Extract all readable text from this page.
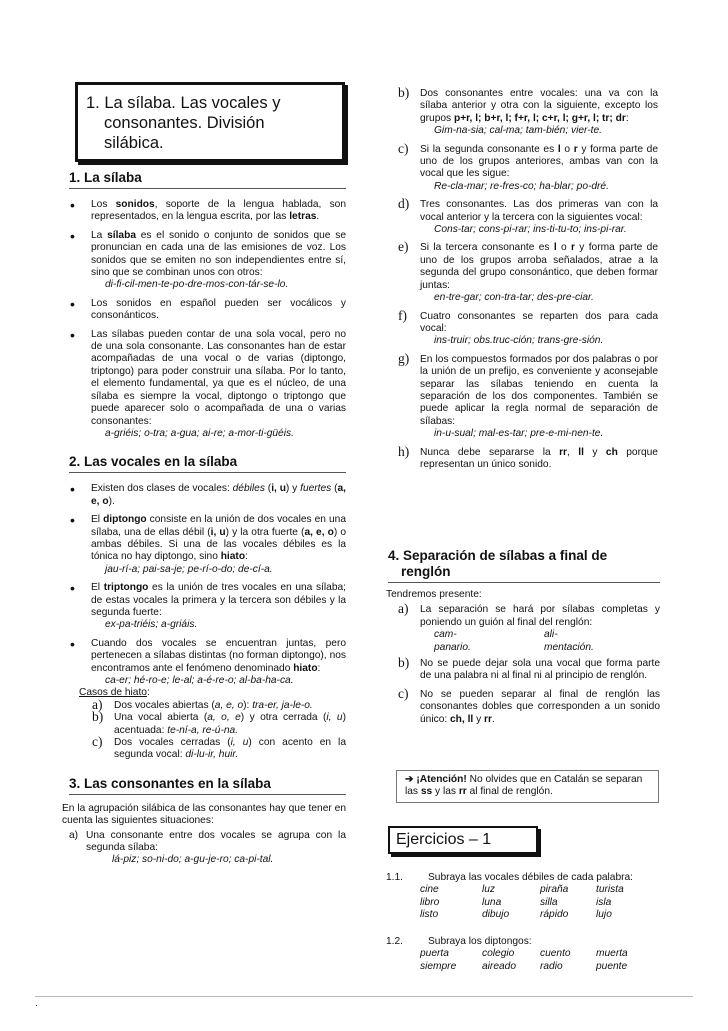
1. La sílaba. Las vocales y
consonantes. División
silábica.
1. La sílaba

• Los sonidos, soporte de la lengua hablada, son representados, en la lengua escrita, por las letras.

• La sílaba es el sonido o conjunto de sonidos que se pronuncian en cada una de las emisiones de voz. Los sonidos que se emiten no son independientes entre sí, sino que se combinan unos con otros:

di-fi-cil-men-te-po-dre-mos-con-tár-se-lo.

• Los sonidos en español pueden ser vocálicos y consonánticos.

• Las sílabas pueden contar de una sola vocal, pero no de una sola consonante. Las consonantes han de estar acompañadas de una vocal o de varias (diptongo, triptongo) para poder construir una sílaba. Por lo tanto, el elemento fundamental, ya que es el núcleo, de una sílaba es siempre la vocal, diptongo o triptongo que puede aparecer solo o acompañada de una o varias consonantes:

a-griéis; o-tra; a-gua; ai-re; a-mor-ti-güéis.
2. Las vocales en la sílaba

• Existen dos clases de vocales: débiles (i, u) y fuertes (a, e, o).

• El diptongo consiste en la unión de dos vocales en una sílaba, una de ellas débil (i, u) y la otra fuerte (a, e, o) o ambas débiles. Si una de las vocales débiles es la tónica no hay diptongo, sino hiato:

jau-rí-a; pai-sa-je; pe-rí-o-do; de-cí-a.

• El triptongo es la unión de tres vocales en una sílaba; de estas vocales la primera y la tercera son débiles y la segunda fuerte:

ex-pa-triéis; a-griáis.

• Cuando dos vocales se encuentran juntas, pero pertenecen a sílabas distintas (no forman diptongo), nos encontramos ante el fenómeno denominado hiato:

ca-er; hé-ro-e; le-al; a-é-re-o; al-ba-ha-ca.
Casos de hiato:

a) Dos vocales abiertas (a, e, o): tra-er, ja-le-o.

b) Una vocal abierta (a, o, e) y otra cerrada (i, u) acentuada: te-ní-a, re-ú-na.

c) Dos vocales cerradas (i, u) con acento en la segunda vocal: di-lu-ir, huir.

3. Las consonantes en la sílaba

En la agrupación silábica de las consonantes hay que tener en cuenta las siguientes situaciones:

a) Una consonante entre dos vocales se agrupa con la segunda sílaba:

lá-piz; so-ni-do; a-gu-je-ro; ca-pi-tal.

b) Dos consonantes entre vocales: una va con la sílaba anterior y otra con la siguiente, excepto los grupos p+r, l; b+r, l; f+r, l; c+r, l; g+r, l; tr; dr:

Gim-na-sia; cal-ma; tam-bién; vier-te.

c) Si la segunda consonante es l o r y forma parte de uno de los grupos anteriores, ambas van con la vocal que les sigue:

Re-cla-mar; re-fres-co; ha-blar; po-dré.

d) Tres consonantes. Las dos primeras van con la vocal anterior y la tercera con la siguientes vocal:

Cons-tar; cons-pi-rar; ins-ti-tu-to; ins-pi-rar.

e) Si la tercera consonante es l o r y forma parte de uno de los grupos arroba señalados, atrae a la segunda del grupo consonántico, que deben formar juntas:

en-tre-gar; con-tra-tar; des-pre-ciar.

f) Cuatro consonantes se reparten dos para cada vocal:

ins-truir; obs.truc-ción; trans-gre-sión.

g) En los compuestos formados por dos palabras o por la unión de un prefijo, es conveniente y aconsejable separar las sílabas teniendo en cuenta la separación de los dos componentes. También se puede aplicar la regla normal de separación de sílabas:

in-u-sual; mal-es-tar; pre-e-mi-nen-te.

h) Nunca debe separarse la rr, ll y ch porque representan un único sonido.

4. Separación de sílabas a final de
renglón
Tendremos presente:

a) La separación se hará por sílabas completas y poniendo un guión al final del renglón:

cam-	ali-
panario.	mentación.

b) No se puede dejar sola una vocal que forma parte de una palabra ni al final ni al principio de renglón.

c) No se pueden separar al final de renglón las consonantes dobles que corresponden a un sonido único: ch, ll y rr.

➔ ¡Atención! No olvides que en Catalán se separan las ss y las rr al final de renglón.
Ejercicios – 1
1.1. Subraya las vocales débiles de cada palabra:
cine	luz	piraña	turista
libro	luna	silla	isla
listo	dibujo	rápido	lujo
1.2. Subraya los diptongos:
puerta	colegio	cuento	muerta
siempre	aireado	radio	puente
.
